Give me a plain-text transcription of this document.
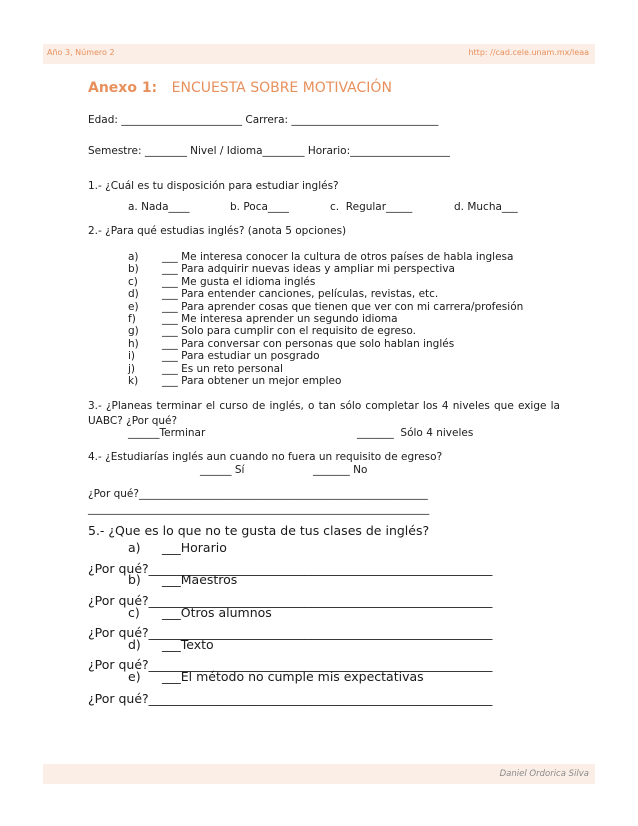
Año 3, Número 2	http: //cad.cele.unam.mx/leaa
Anexo 1: ENCUESTA SOBRE MOTIVACIÓN
Edad: _______________________ Carrera: ____________________________
Semestre: ________ Nivel / Idioma________ Horario:___________________
1.- ¿Cuál es tu disposición para estudiar inglés?
a. Nada____	b. Poca____	c.  Regular_____	d. Mucha___
2.- ¿Para qué estudias inglés? (anota 5 opciones)
a) ___ Me interesa conocer la cultura de otros países de habla inglesa
b) ___ Para adquirir nuevas ideas y ampliar mi perspectiva
c) ___ Me gusta el idioma inglés
d) ___ Para entender canciones, películas, revistas, etc.
e) ___ Para aprender cosas que tienen que ver con mi carrera/profesión
f) ___ Me interesa aprender un segundo idioma
g) ___ Solo para cumplir con el requisito de egreso.
h) ___ Para conversar con personas que solo hablan inglés
i)	___ Para estudiar un posgrado
j)	___ Es un reto personal
k) ___ Para obtener un mejor empleo
3.- ¿Planeas terminar el curso de inglés, o tan sólo completar los 4 niveles que exige la UABC? ¿Por qué?
______Terminar	_______  Sólo 4 niveles
4.- ¿Estudiarías inglés aun cuando no fuera un requisito de egreso?
______ Sí	_______ No
¿Por qué?_______________________________________________________
_________________________________________________________________
5.- ¿Que es lo que no te gusta de tus clases de inglés?
a) ___Horario
¿Por qué?_______________________________________________________
b) ___Maestros
¿Por qué?_______________________________________________________
c) ___Otros alumnos
¿Por qué?_______________________________________________________
d) ___Texto
¿Por qué?_______________________________________________________
e) ___El método no cumple mis expectativas
¿Por qué?_______________________________________________________
Daniel Ordorica Silva
